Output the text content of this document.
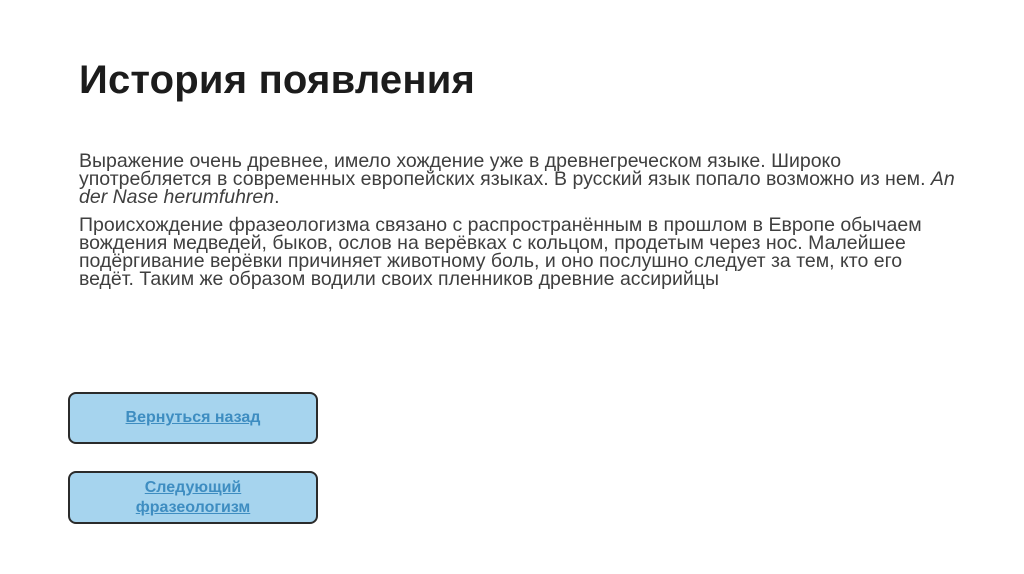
История появления

Выражение очень древнее, имело хождение уже в древнегреческом языке. Широко употребляется в современных европейских языках. В русский язык попало возможно из нем. An der Nase herumfuhren.

Происхождение фразеологизма связано с распространённым в прошлом в Европе обычаем вождения медведей, быков, ослов на верёвках с кольцом, продетым через нос. Малейшее подёргивание верёвки причиняет животному боль, и оно послушно следует за тем, кто его ведёт. Таким же образом водили своих пленников древние ассирийцы

Вернуться назад
Следующий
фразеологизм
